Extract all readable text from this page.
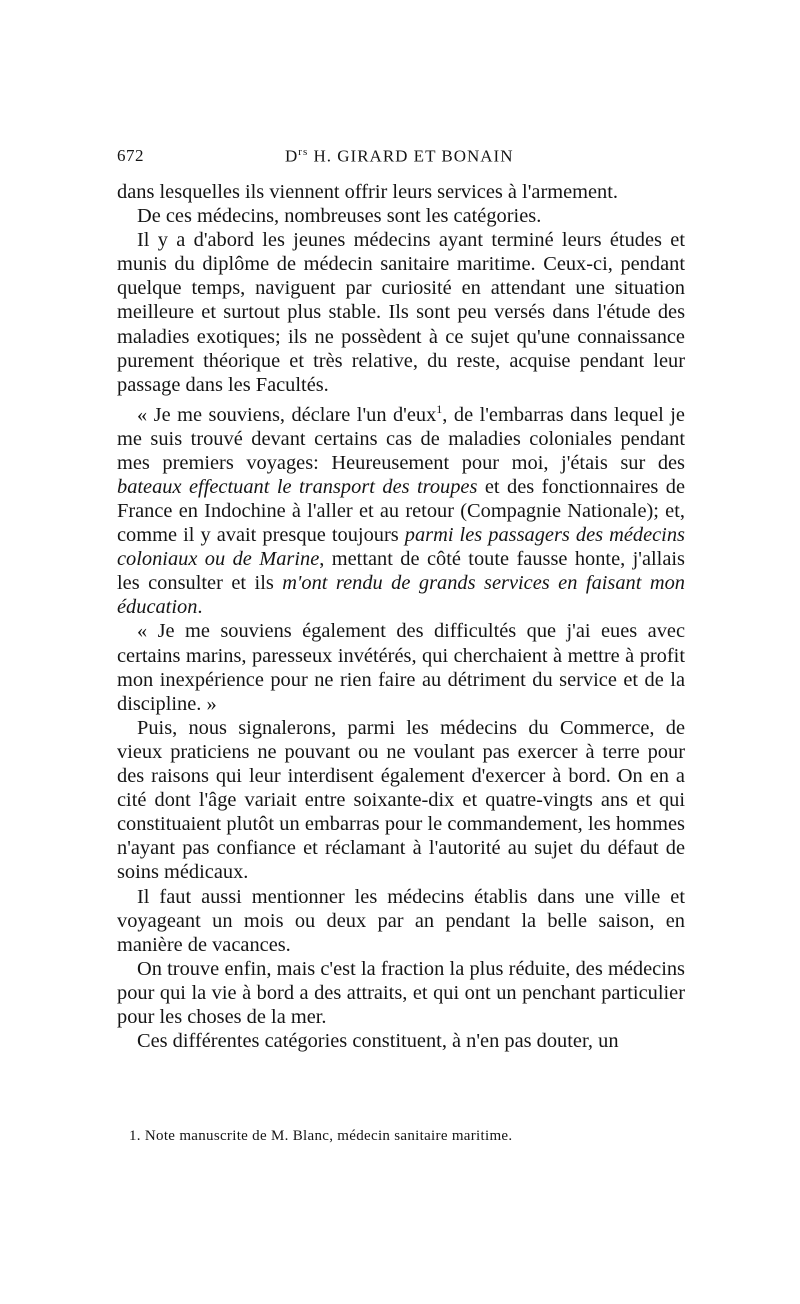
672	$D^{rs}$ H. GIRARD ET BONAIN

dans lesquelles ils viennent offrir leurs services à l'armement.

De ces médecins, nombreuses sont les catégories.

Il y a d'abord les jeunes médecins ayant terminé leurs études et munis du diplôme de médecin sanitaire maritime. Ceux-ci, pendant quelque temps, naviguent par curiosité en attendant une situation meilleure et surtout plus stable. Ils sont peu versés dans l'étude des maladies exotiques; ils ne possèdent à ce sujet qu'une connaissance purement théorique et très relative, du reste, acquise pendant leur passage dans les Facultés.

« Je me souviens, déclare l'un d'eux$^1$, de l'embarras dans lequel je me suis trouvé devant certains cas de maladies coloniales pendant mes premiers voyages: Heureusement pour moi, j'étais sur des bateaux effectuant le transport des troupes et des fonctionnaires de France en Indochine à l'aller et au retour (Compagnie Nationale); et, comme il y avait presque toujours parmi les passagers des médecins coloniaux ou de Marine, mettant de côté toute fausse honte, j'allais les consulter et ils m'ont rendu de grands services en faisant mon éducation.

« Je me souviens également des difficultés que j'ai eues avec certains marins, paresseux invétérés, qui cherchaient à mettre à profit mon inexpérience pour ne rien faire au détriment du service et de la discipline. »

Puis, nous signalerons, parmi les médecins du Commerce, de vieux praticiens ne pouvant ou ne voulant pas exercer à terre pour des raisons qui leur interdisent également d'exercer à bord. On en a cité dont l'âge variait entre soixante-dix et quatre-vingts ans et qui constituaient plutôt un embarras pour le commandement, les hommes n'ayant pas confiance et réclamant à l'autorité au sujet du défaut de soins médicaux.

Il faut aussi mentionner les médecins établis dans une ville et voyageant un mois ou deux par an pendant la belle saison, en manière de vacances.

On trouve enfin, mais c'est la fraction la plus réduite, des médecins pour qui la vie à bord a des attraits, et qui ont un penchant particulier pour les choses de la mer.

Ces différentes catégories constituent, à n'en pas douter, un

1. Note manuscrite de M. Blanc, médecin sanitaire maritime.
